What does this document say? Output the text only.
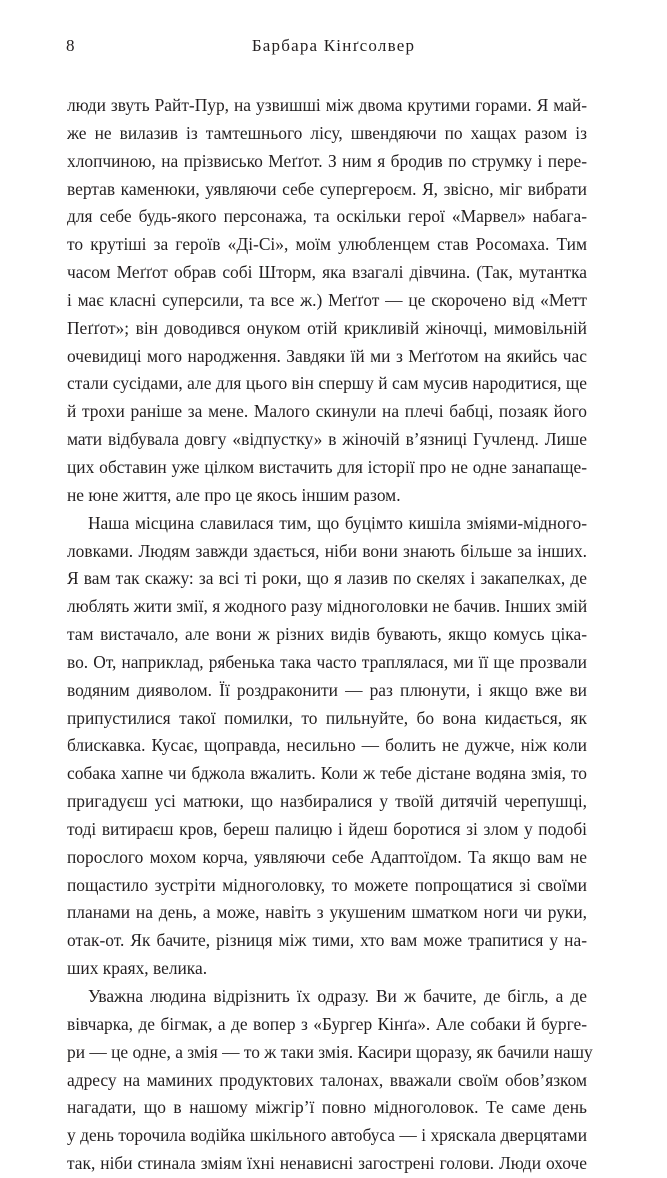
8	Барбара Кінґсолвер

люди звуть Райт-Пур, на узвишші між двома крутими горами. Я май-
же не вилазив із тамтешнього лісу, швендяючи по хащах разом із
хлопчиною, на прізвисько Меґґот. З ним я бродив по струмку і пере-
вертав каменюки, уявляючи себе супергероєм. Я, звісно, міг вибрати
для себе будь-якого персонажа, та оскільки герої «Марвел» набага-
то крутіші за героїв «Ді-Сі», моїм улюбленцем став Росомаха. Тим
часом Меґґот обрав собі Шторм, яка взагалі дівчина. (Так, мутантка
і має класні суперсили, та все ж.) Меґґот — це скорочено від «Метт
Пеґґот»; він доводився онуком отій крикливій жіночці, мимовільній
очевидиці мого народження. Завдяки їй ми з Меґґотом на якийсь час
стали сусідами, але для цього він спершу й сам мусив народитися, ще
й трохи раніше за мене. Малого скинули на плечі бабці, позаяк його
мати відбувала довгу «відпустку» в жіночій в’язниці Гучленд. Лише
цих обставин уже цілком вистачить для історії про не одне занапаще-
не юне життя, але про це якось іншим разом.

Наша місцина славилася тим, що буцімто кишіла зміями-мідного-
ловками. Людям завжди здається, ніби вони знають більше за інших.
Я вам так скажу: за всі ті роки, що я лазив по скелях і закапелках, де
люблять жити змії, я жодного разу мідноголовки не бачив. Інших змій
там вистачало, але вони ж різних видів бувають, якщо комусь ціка-
во. От, наприклад, рябенька така часто траплялася, ми її ще прозвали
водяним дияволом. Її роздраконити — раз плюнути, і якщо вже ви
припустилися такої помилки, то пильнуйте, бо вона кидається, як
блискавка. Кусає, щоправда, несильно — болить не дужче, ніж коли
собака хапне чи бджола вжалить. Коли ж тебе дістане водяна змія, то
пригадуєш усі матюки, що назбиралися у твоїй дитячій черепушці,
тоді витираєш кров, береш палицю і йдеш боротися зі злом у подобі
порослого мохом корча, уявляючи себе Адаптоїдом. Та якщо вам не
пощастило зустріти мідноголовку, то можете попрощатися зі своїми
планами на день, а може, навіть з укушеним шматком ноги чи руки,
отак-от. Як бачите, різниця між тими, хто вам може трапитися у на-
ших краях, велика.

Уважна людина відрізнить їх одразу. Ви ж бачите, де бігль, а де
вівчарка, де бігмак, а де вопер з «Бургер Кінґа». Але собаки й бурге-
ри — це одне, а змія — то ж таки змія. Касири щоразу, як бачили нашу
адресу на маминих продуктових талонах, вважали своїм обов’язком
нагадати, що в нашому міжгір’ї повно мідноголовок. Те саме день
у день торочила водійка шкільного автобуса — і хряскала дверцятами
так, ніби стинала зміям їхні ненависні загострені голови. Люди охоче
